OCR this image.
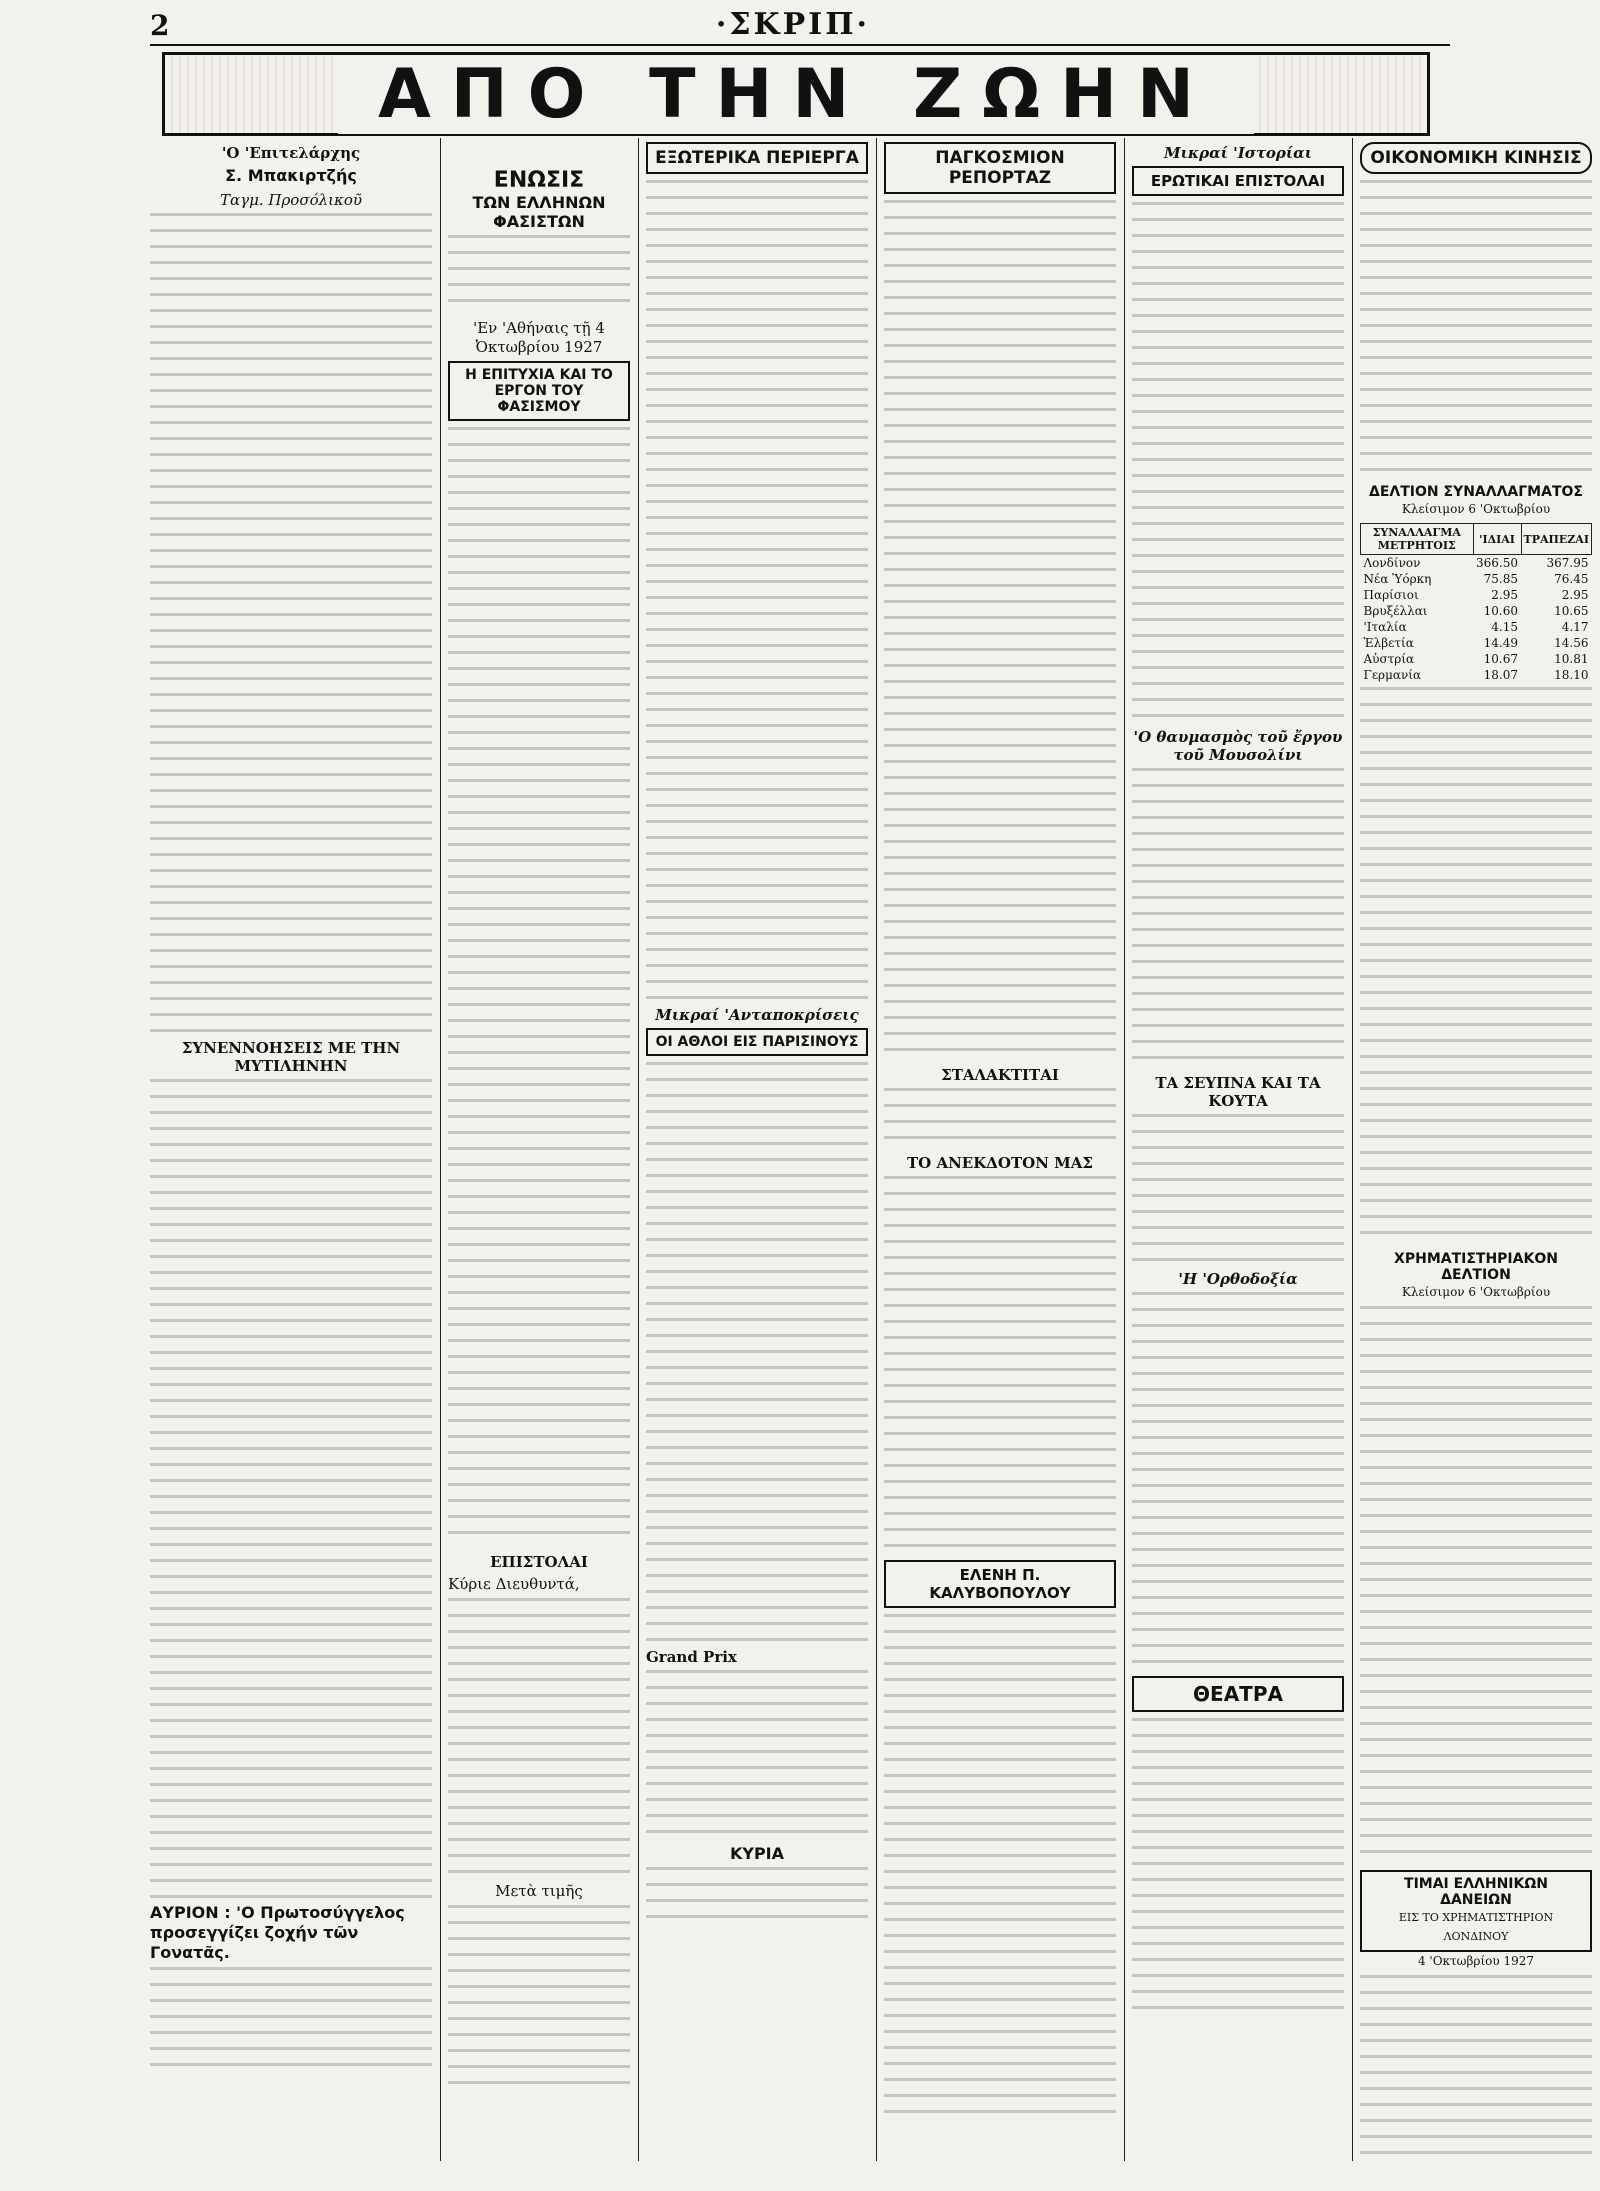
2	·ΣΚΡΙΠ·
ΑΠΟ ΤΗΝ ΖΩΗΝ
'Ο 'Επιτελάρχης
Σ. Μπακιρτζής
Ταγμ. Προσόλικοῦ
ΣΥΝΕΝΝΟΗΣΕΙΣ ΜΕ ΤΗΝ ΜΥΤΙΛΗΝΗΝ
ΑΥΡΙΟΝ : 'Ο Πρωτοσύγγελος προσεγγίζει ζοχήν τῶν Γονατᾶς.
ΕΝΩΣΙΣ
ΤΩΝ ΕΛΛΗΝΩΝ ΦΑΣΙΣΤΩΝ
'Εν 'Αθήναις τῇ 4 Ὀκτωβρίου 1927
Η ΕΠΙΤΥΧΙΑ ΚΑΙ ΤΟ ΕΡΓΟΝ ΤΟΥ ΦΑΣΙΣΜΟΥ
ΕΠΙΣΤΟΛΑΙ
Κύριε Διευθυντά,
Μετὰ τιμῆς
ΕΞΩΤΕΡΙΚΑ ΠΕΡΙΕΡΓΑ
Μικραί 'Ανταποκρίσεις
ΟΙ ΑΘΛΟΙ ΕΙΣ ΠΑΡΙΣΙΝΟΥΣ
Grand Prix
ΚΥΡΙΑ
ΠΑΓΚΟΣΜΙΟΝ ΡΕΠΟΡΤΑΖ
ΣΤΑΛΑΚΤΙΤΑΙ
ΤΟ ΑΝΕΚΔΟΤΟΝ ΜΑΣ
ΕΛΕΝΗ Π. ΚΑΛΥΒΟΠΟΥΛΟΥ
Μικραί 'Ιστορίαι
ΕΡΩΤΙΚΑΙ ΕΠΙΣΤΟΛΑΙ
'Ο θαυμασμὸς τοῦ ἔργου τοῦ Μουσολίνι
ΤΑ ΣΕΥΠΝΑ ΚΑΙ ΤΑ ΚΟΥΤΑ
'Η 'Ορθοδοξία
ΘΕΑΤΡΑ
ΟΙΚΟΝΟΜΙΚΗ ΚΙΝΗΣΙΣ
ΔΕΛΤΙΟΝ ΣΥΝΑΛΛΑΓΜΑΤΟΣ
Κλείσιμον 6 'Οκτωβρίου
ΣΥΝΑΛΛΑΓΜΑ ΜΕΤΡΗΤΟΙΣ	'ΙΔΙΑΙ	ΤΡΑΠΕΖΑΙ
Λονδίνον	366.50	367.95
Νέα Ὑόρκη	75.85	76.45
Παρίσιοι	2.95	2.95
Βρυξέλλαι	10.60	10.65
'Ιταλία	4.15	4.17
Ἑλβετία	14.49	14.56
Αὐστρία	10.67	10.81
Γερμανία	18.07	18.10
ΧΡΗΜΑΤΙΣΤΗΡΙΑΚΟΝ ΔΕΛΤΙΟΝ
Κλείσιμον 6 'Οκτωβρίου
ΤΙΜΑΙ ΕΛΛΗΝΙΚΩΝ ΔΑΝΕΙΩΝ
ΕΙΣ ΤΟ ΧΡΗΜΑΤΙΣΤΗΡΙΟΝ ΛΟΝΔΙΝΟΥ
4 'Οκτωβρίου 1927
